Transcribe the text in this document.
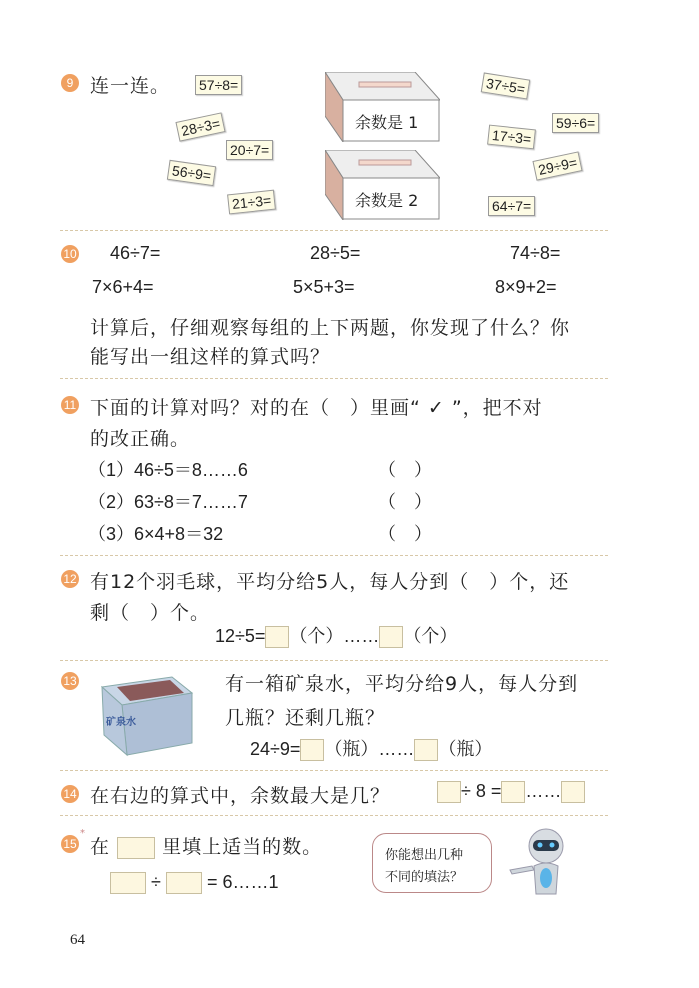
9 连一连。 57÷8=
28÷3=
20÷7=
56÷9=
21÷3=
37÷5=
59÷6=
17÷3=
29÷9=
64÷7=
余数是 1
余数是 2
10 46÷7=	28÷5=	74÷8=
7×6+4=	5×5+3=	8×9+2=
计算后，仔细观察每组的上下两题，你发现了什么？你
能写出一组这样的算式吗？
11 下面的计算对吗？对的在（　）里画“ ✓ ”，把不对
的改正确。
（1）46÷5＝8……6	（　）
（2）63÷8＝7……7	（　）
（3）6×4+8＝32	（　）
12 有12个羽毛球，平均分给5人，每人分到（　）个，还
剩（　）个。
12÷5= （个）…… （个）
13
矿泉水
有一箱矿泉水，平均分给9人，每人分到
几瓶？还剩几瓶？
24÷9= （瓶）…… （瓶）
14 在右边的算式中，余数最大是几？	÷ 8 = ……
15
*
在	里填上适当的数。
÷	= 6……1
你能想出几种
不同的填法？
64
